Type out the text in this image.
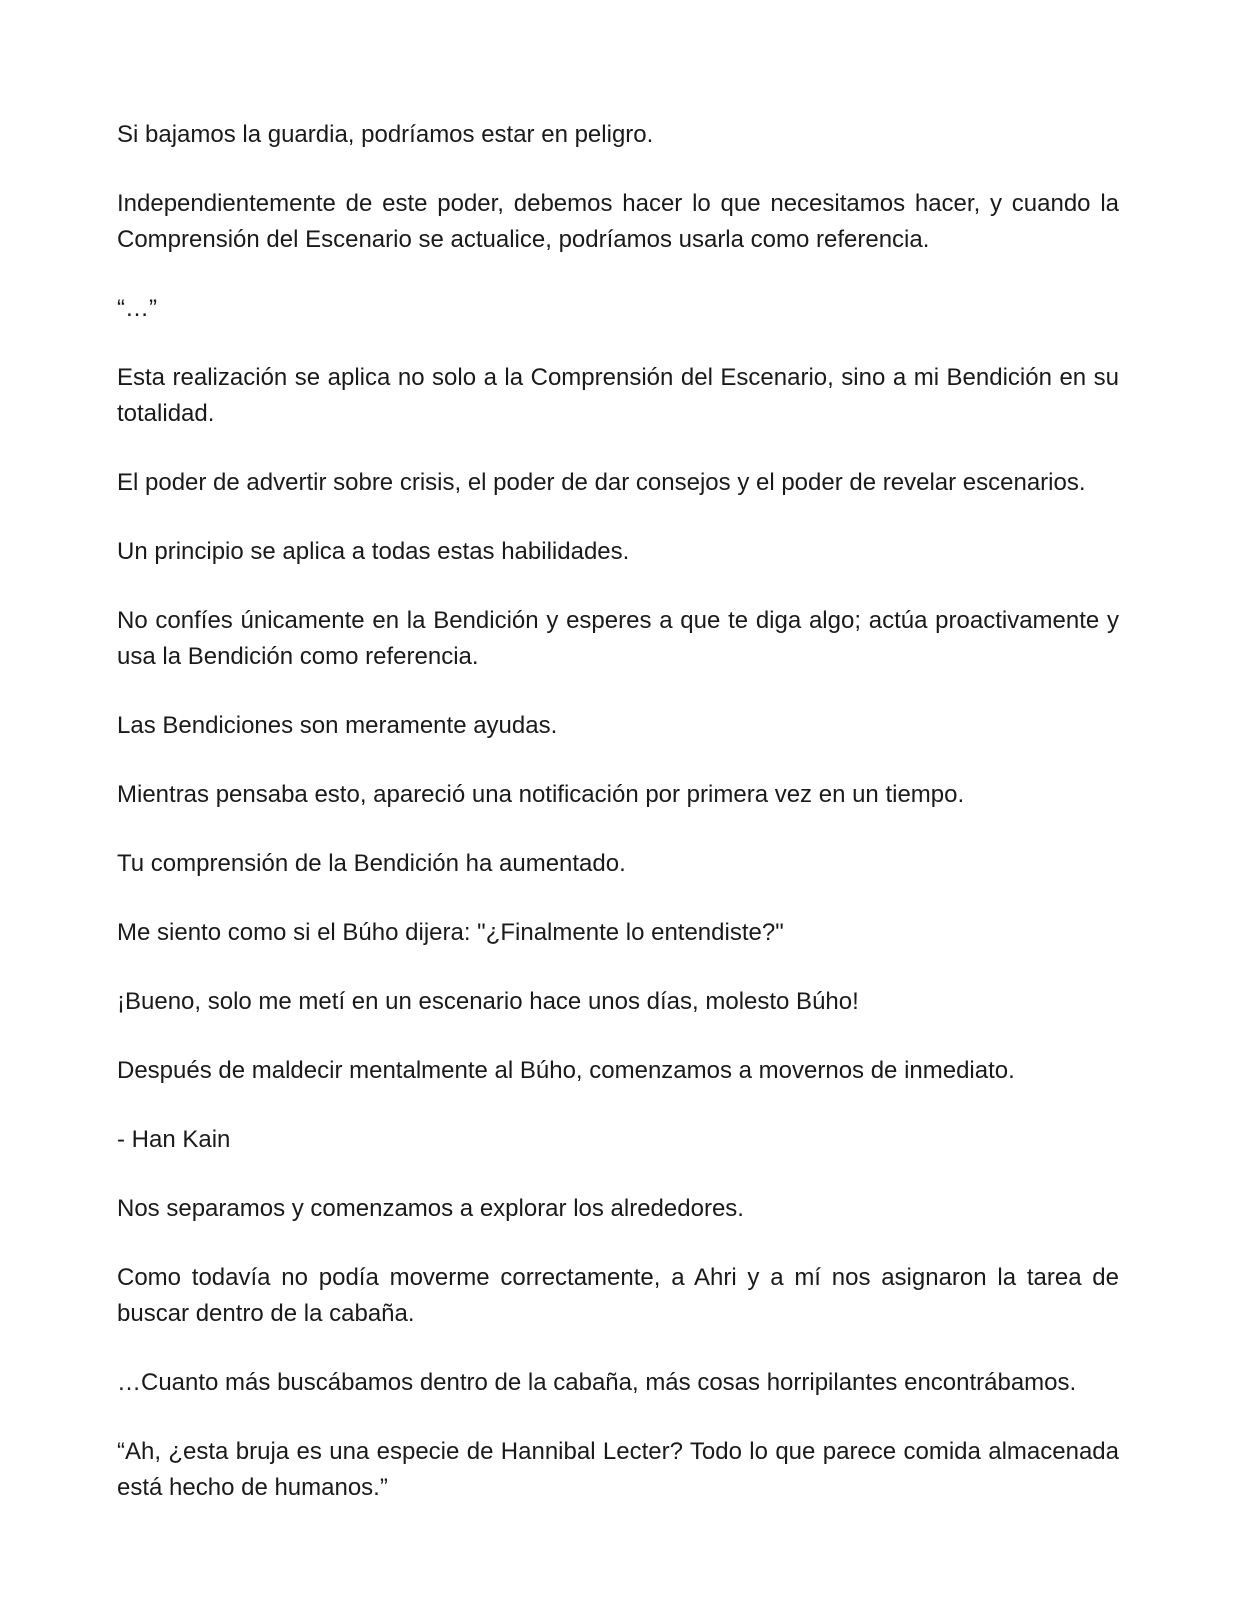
Si bajamos la guardia, podríamos estar en peligro.

Independientemente de este poder, debemos hacer lo que necesitamos hacer, y cuando la Comprensión del Escenario se actualice, podríamos usarla como referencia.

“…”

Esta realización se aplica no solo a la Comprensión del Escenario, sino a mi Bendición en su totalidad.

El poder de advertir sobre crisis, el poder de dar consejos y el poder de revelar escenarios.

Un principio se aplica a todas estas habilidades.

No confíes únicamente en la Bendición y esperes a que te diga algo; actúa proactivamente y usa la Bendición como referencia.

Las Bendiciones son meramente ayudas.

Mientras pensaba esto, apareció una notificación por primera vez en un tiempo.

Tu comprensión de la Bendición ha aumentado.

Me siento como si el Búho dijera: "¿Finalmente lo entendiste?"

¡Bueno, solo me metí en un escenario hace unos días, molesto Búho!

Después de maldecir mentalmente al Búho, comenzamos a movernos de inmediato.

- Han Kain

Nos separamos y comenzamos a explorar los alrededores.

Como todavía no podía moverme correctamente, a Ahri y a mí nos asignaron la tarea de buscar dentro de la cabaña.

…Cuanto más buscábamos dentro de la cabaña, más cosas horripilantes encontrábamos.

“Ah, ¿esta bruja es una especie de Hannibal Lecter? Todo lo que parece comida almacenada está hecho de humanos.”
